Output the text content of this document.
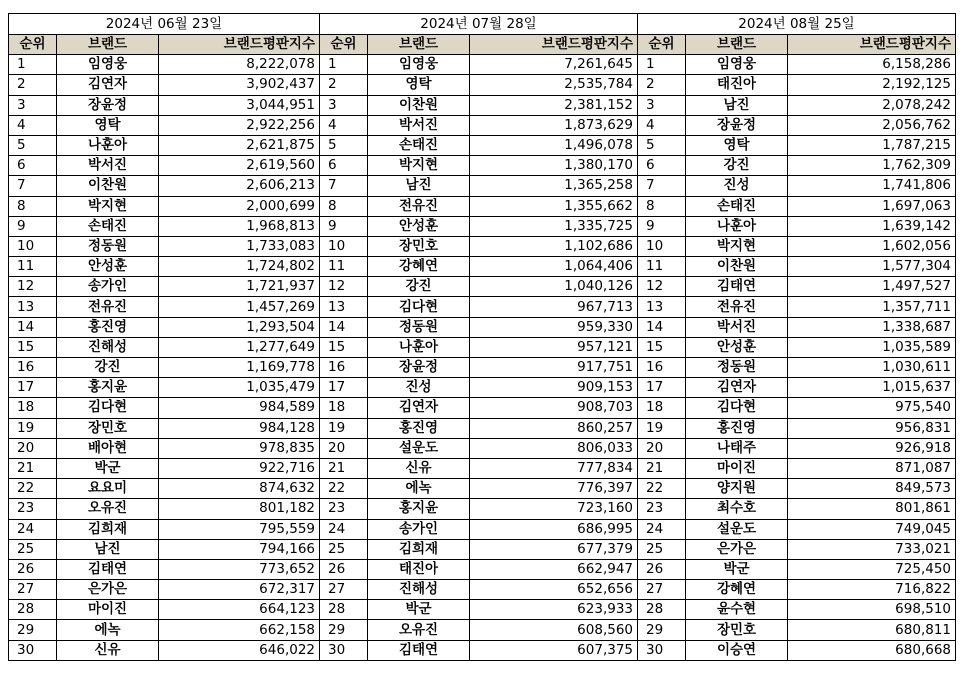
2024년 06월 23일		
순위	브랜드	브랜드평판지수
1	임영웅	8,222,078
2	김연자	3,902,437
3	장윤정	3,044,951
4	영탁	2,922,256
5	나훈아	2,621,875
6	박서진	2,619,560
7	이찬원	2,606,213
8	박지현	2,000,699
9	손태진	1,968,813
10	정동원	1,733,083
11	안성훈	1,724,802
12	송가인	1,721,937
13	전유진	1,457,269
14	홍진영	1,293,504
15	진해성	1,277,649
16	강진	1,169,778
17	홍지윤	1,035,479
18	김다현	984,589
19	장민호	984,128
20	배아현	978,835
21	박군	922,716
22	요요미	874,632
23	오유진	801,182
24	김희재	795,559
25	남진	794,166
26	김태연	773,652
27	은가은	672,317
28	마이진	664,123
29	에녹	662,158
30	신유	646,022
2024년 07월 28일		
순위	브랜드	브랜드평판지수
1	임영웅	7,261,645
2	영탁	2,535,784
3	이찬원	2,381,152
4	박서진	1,873,629
5	손태진	1,496,078
6	박지현	1,380,170
7	남진	1,365,258
8	전유진	1,355,662
9	안성훈	1,335,725
10	장민호	1,102,686
11	강혜연	1,064,406
12	강진	1,040,126
13	김다현	967,713
14	정동원	959,330
15	나훈아	957,121
16	장윤정	917,751
17	진성	909,153
18	김연자	908,703
19	홍진영	860,257
20	설운도	806,033
21	신유	777,834
22	에녹	776,397
23	홍지윤	723,160
24	송가인	686,995
25	김희재	677,379
26	태진아	662,947
27	진해성	652,656
28	박군	623,933
29	오유진	608,560
30	김태연	607,375
2024년 08월 25일		
순위	브랜드	브랜드평판지수
1	임영웅	6,158,286
2	태진아	2,192,125
3	남진	2,078,242
4	장윤정	2,056,762
5	영탁	1,787,215
6	강진	1,762,309
7	진성	1,741,806
8	손태진	1,697,063
9	나훈아	1,639,142
10	박지현	1,602,056
11	이찬원	1,577,304
12	김태연	1,497,527
13	전유진	1,357,711
14	박서진	1,338,687
15	안성훈	1,035,589
16	정동원	1,030,611
17	김연자	1,015,637
18	김다현	975,540
19	홍진영	956,831
20	나태주	926,918
21	마이진	871,087
22	양지원	849,573
23	최수호	801,861
24	설운도	749,045
25	은가은	733,021
26	박군	725,450
27	강혜연	716,822
28	윤수현	698,510
29	장민호	680,811
30	이승연	680,668
